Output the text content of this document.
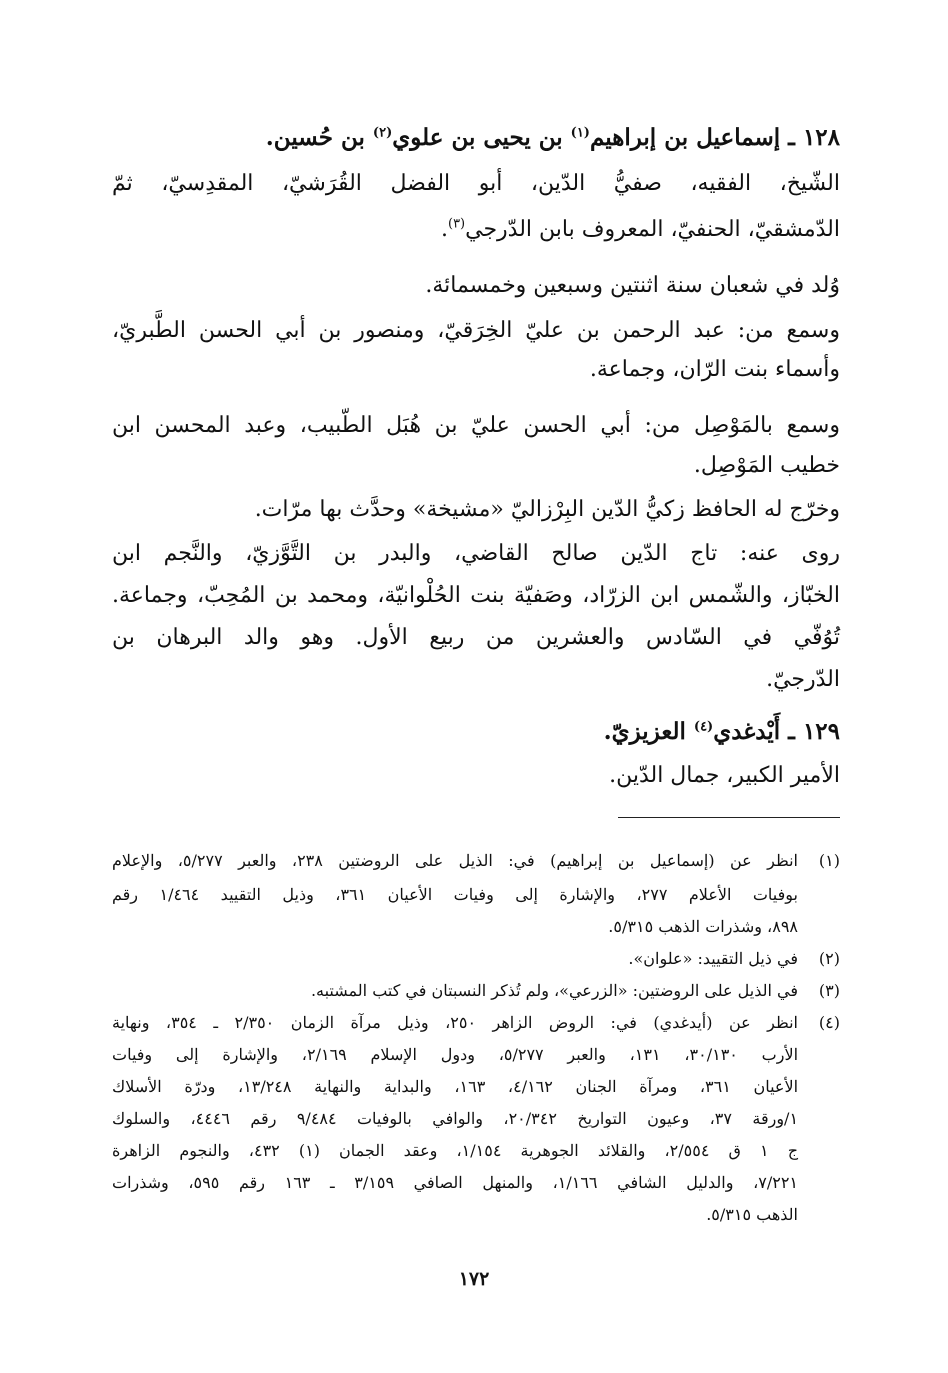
١٢٨ ـ إسماعيل بن إبراهيم$^{(١)}$ بن يحيى بن علوي$^{(٢)}$ بن حُسين.
الشّيخ، الفقيه، صفيُّ الدّين، أبو الفضل القُرَشيّ، المقدِسيّ، ثمّ
الدّمشقيّ، الحنفيّ، المعروف بابن الدّرجي$^{(٣)}$.
وُلد في شعبان سنة اثنتين وسبعين وخمسمائة.
وسمع من: عبد الرحمن بن عليّ الخِرَقيّ، ومنصور بن أبي الحسن الطَّبريّ،
وأسماء بنت الرّان، وجماعة.
وسمع بالمَوْصِل من: أبي الحسن عليّ بن هُبَل الطّبيب، وعبد المحسن ابن
خطيب المَوْصِل.
وخرّج له الحافظ زكيُّ الدّين البِرْزاليّ «مشيخة» وحدَّث بها مرّات.
روى عنه: تاج الدّين صالح القاضي، والبدر بن التَّوَّزيّ، والنَّجم ابن
الخبّاز، والشّمس ابن الزرّاد، وصَفيّة بنت الحُلْوانيّة، ومحمد بن المُحِبّ، وجماعة.
تُوُفّي في السّادس والعشرين من ربيع الأول. وهو والد البرهان بن
الدّرجيّ.
١٢٩ ـ أَيْدغدي$^{(٤)}$ العزيزيّ.
الأمير الكبير، جمال الدّين.
(١)
انظر عن (إسماعيل بن إبراهيم) في: الذيل على الروضتين ٢٣٨، والعبر ٥/٢٧٧، والإعلام
بوفيات الأعلام ٢٧٧، والإشارة إلى وفيات الأعيان ٣٦١، وذيل التقييد ١/٤٦٤ رقم
٨٩٨، وشذرات الذهب ٥/٣١٥.
(٢)
في ذيل التقييد: «علوان».
(٣)
في الذيل على الروضتين: «الزرعي»، ولم تُذكر النسبتان في كتب المشتبه.
(٤)
انظر عن (أيدغدي) في: الروض الزاهر ٢٥٠، وذيل مرآة الزمان ٢/٣٥٠ ـ ٣٥٤، ونهاية
الأرب ٣٠/١٣٠، ١٣١، والعبر ٥/٢٧٧، ودول الإسلام ٢/١٦٩، والإشارة إلى وفيات
الأعيان ٣٦١، ومرآة الجنان ٤/١٦٢، ١٦٣، والبداية والنهاية ١٣/٢٤٨، ودرّة الأسلاك
١/ورقة ٣٧، وعيون التواريخ ٢٠/٣٤٢، والوافي بالوفيات ٩/٤٨٤ رقم ٤٤٤٦، والسلوك
ج ١ ق ٢/٥٥٤، والقلائد الجوهرية ١/١٥٤، وعقد الجمان (١) ٤٣٢، والنجوم الزاهرة
٧/٢٢١، والدليل الشافي ١/١٦٦، والمنهل الصافي ٣/١٥٩ ـ ١٦٣ رقم ٥٩٥، وشذرات
الذهب ٥/٣١٥.
١٧٢
